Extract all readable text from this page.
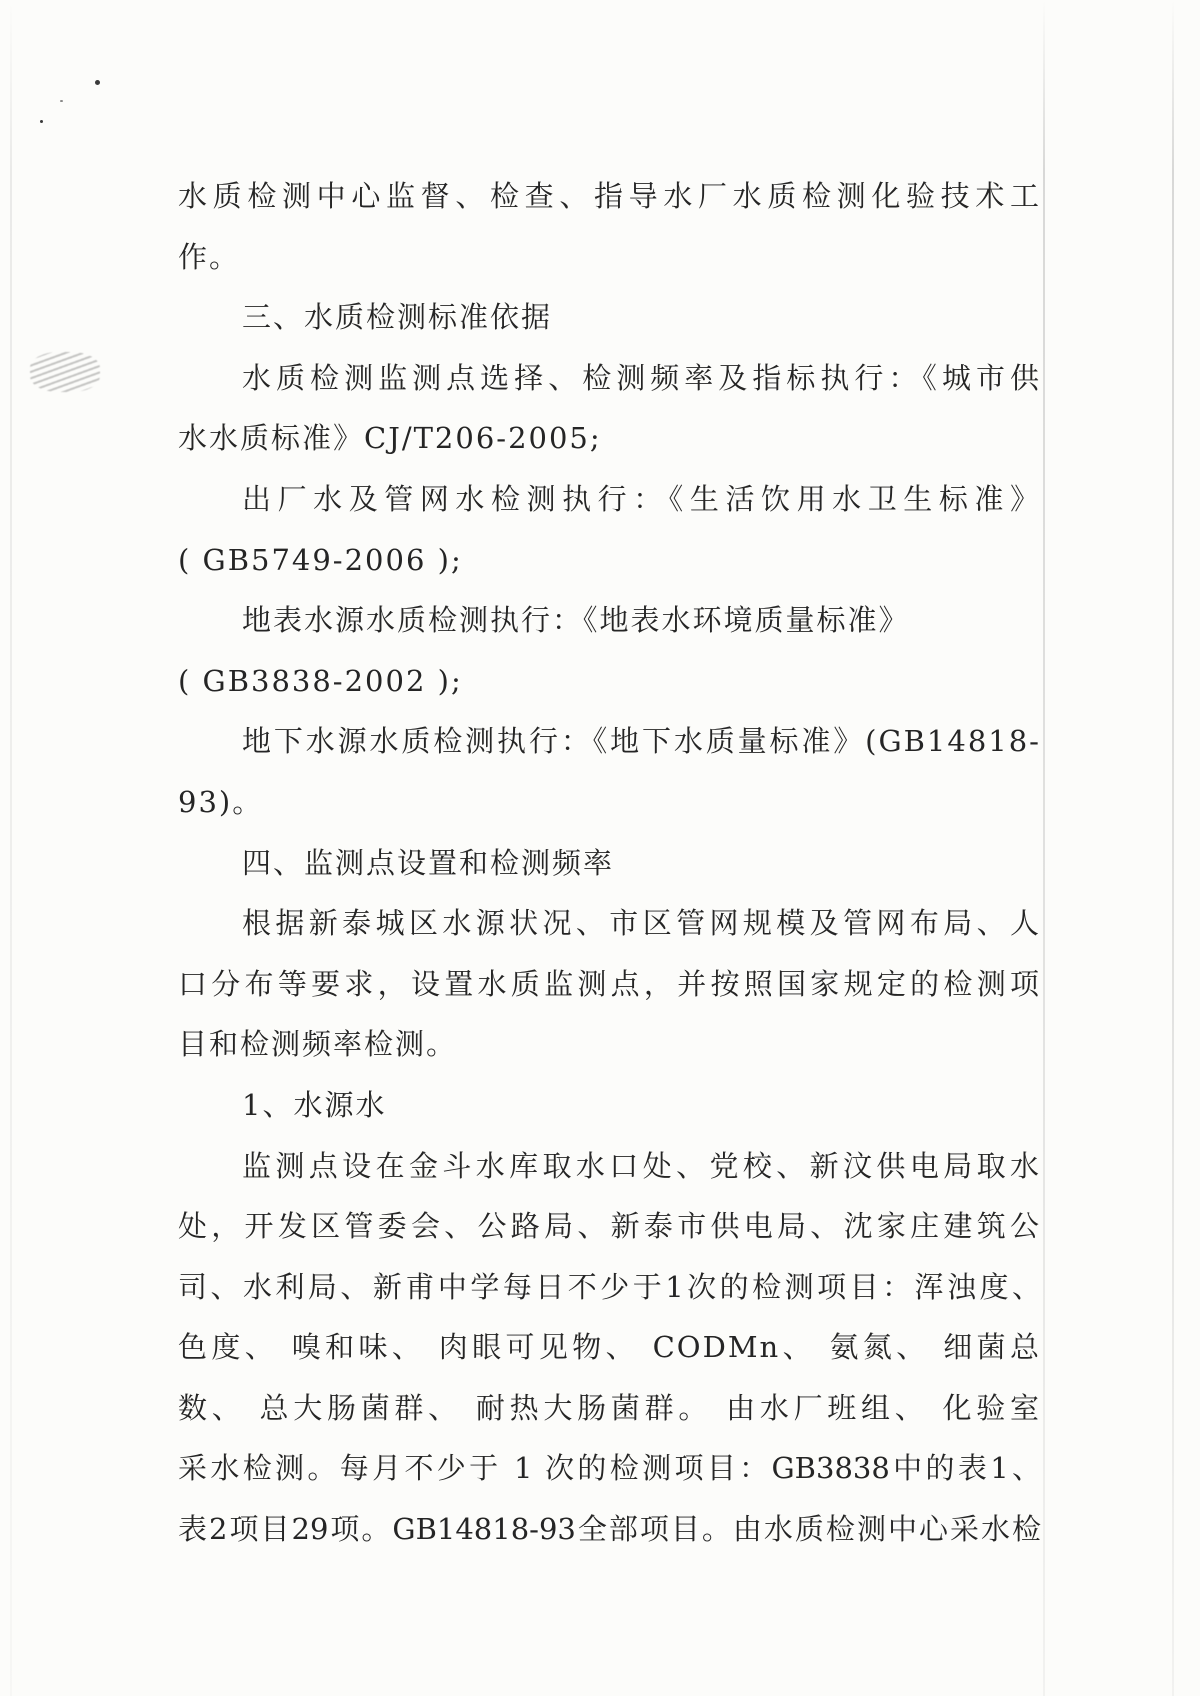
水质检测中心监督、检查、指导水厂水质检测化验技术工
作。
三、水质检测标准依据
水质检测监测点选择、检测频率及指标执行：《城市供
水水质标准》CJ/T206-2005;
出厂水及管网水检测执行：《生活饮用水卫生标准》
( GB5749-2006 );
地表水源水质检测执行：《地表水环境质量标准》
( GB3838-2002 );
地下水源水质检测执行：《地下水质量标准》(GB14818-
93)。
四、监测点设置和检测频率
根据新泰城区水源状况、市区管网规模及管网布局、人
口分布等要求，设置水质监测点，并按照国家规定的检测项
目和检测频率检测。
1、水源水
监测点设在金斗水库取水口处、党校、新汶供电局取水
处，开发区管委会、公路局、新泰市供电局、沈家庄建筑公
司、水利局、新甫中学每日不少于1次的检测项目：浑浊度、
色度、 嗅和味、 肉眼可见物、 CODMn、 氨氮、 细菌总
数、 总大肠菌群、 耐热大肠菌群。 由水厂班组、 化验室
采水检测。每月不少于 1 次的检测项目：GB3838中的表1、
表2项目29项。GB14818-93全部项目。由水质检测中心采水检
